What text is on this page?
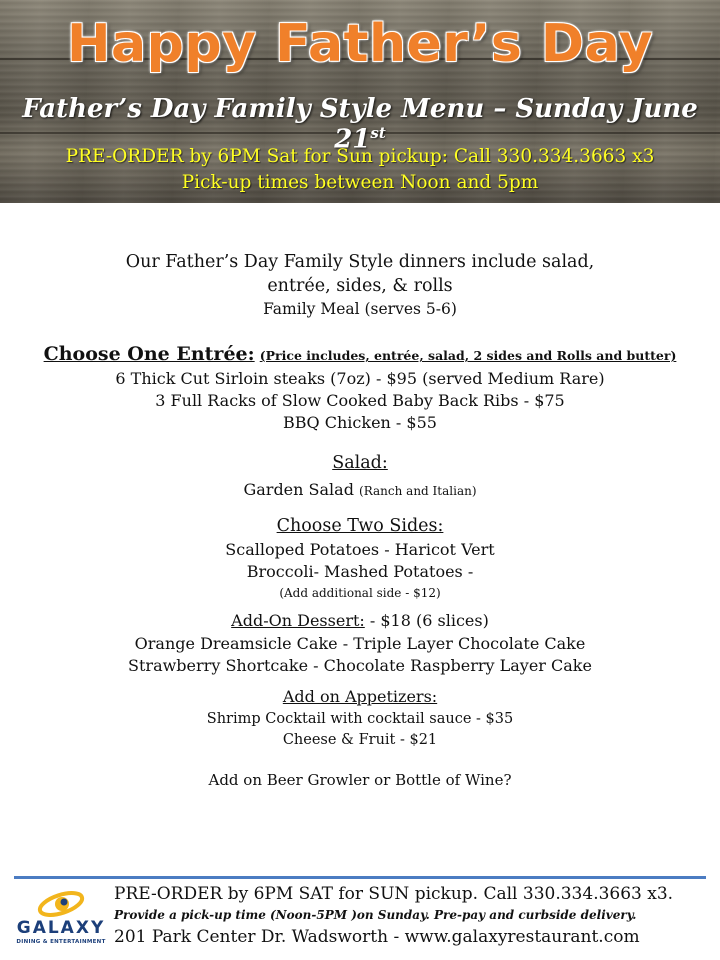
Happy Father’s Day
Father’s Day Family Style Menu – Sunday June 21st
PRE-ORDER by 6PM Sat for Sun pickup: Call 330.334.3663 x3
Pick-up times between Noon and 5pm
Our Father’s Day Family Style dinners include salad,
entrée, sides, & rolls
Family Meal (serves 5-6)
Choose One Entrée: (Price includes, entrée, salad, 2 sides and Rolls and butter)
6 Thick Cut Sirloin steaks (7oz) - $95 (served Medium Rare)
3 Full Racks of Slow Cooked Baby Back Ribs - $75
BBQ Chicken - $55
Salad:
Garden Salad (Ranch and Italian)
Choose Two Sides:
Scalloped Potatoes - Haricot Vert
Broccoli- Mashed Potatoes -
(Add additional side - $12)
Add-On Dessert: - $18 (6 slices)
Orange Dreamsicle Cake - Triple Layer Chocolate Cake
Strawberry Shortcake - Chocolate Raspberry Layer Cake
Add on Appetizers:
Shrimp Cocktail with cocktail sauce - $35
Cheese & Fruit - $21
Add on Beer Growler or Bottle of Wine?
GALAXY
DINING & ENTERTAINMENT
PRE-ORDER by 6PM SAT for SUN pickup. Call 330.334.3663 x3.
Provide a pick-up time (Noon-5PM )on Sunday. Pre-pay and curbside delivery.
201 Park Center Dr. Wadsworth - www.galaxyrestaurant.com
